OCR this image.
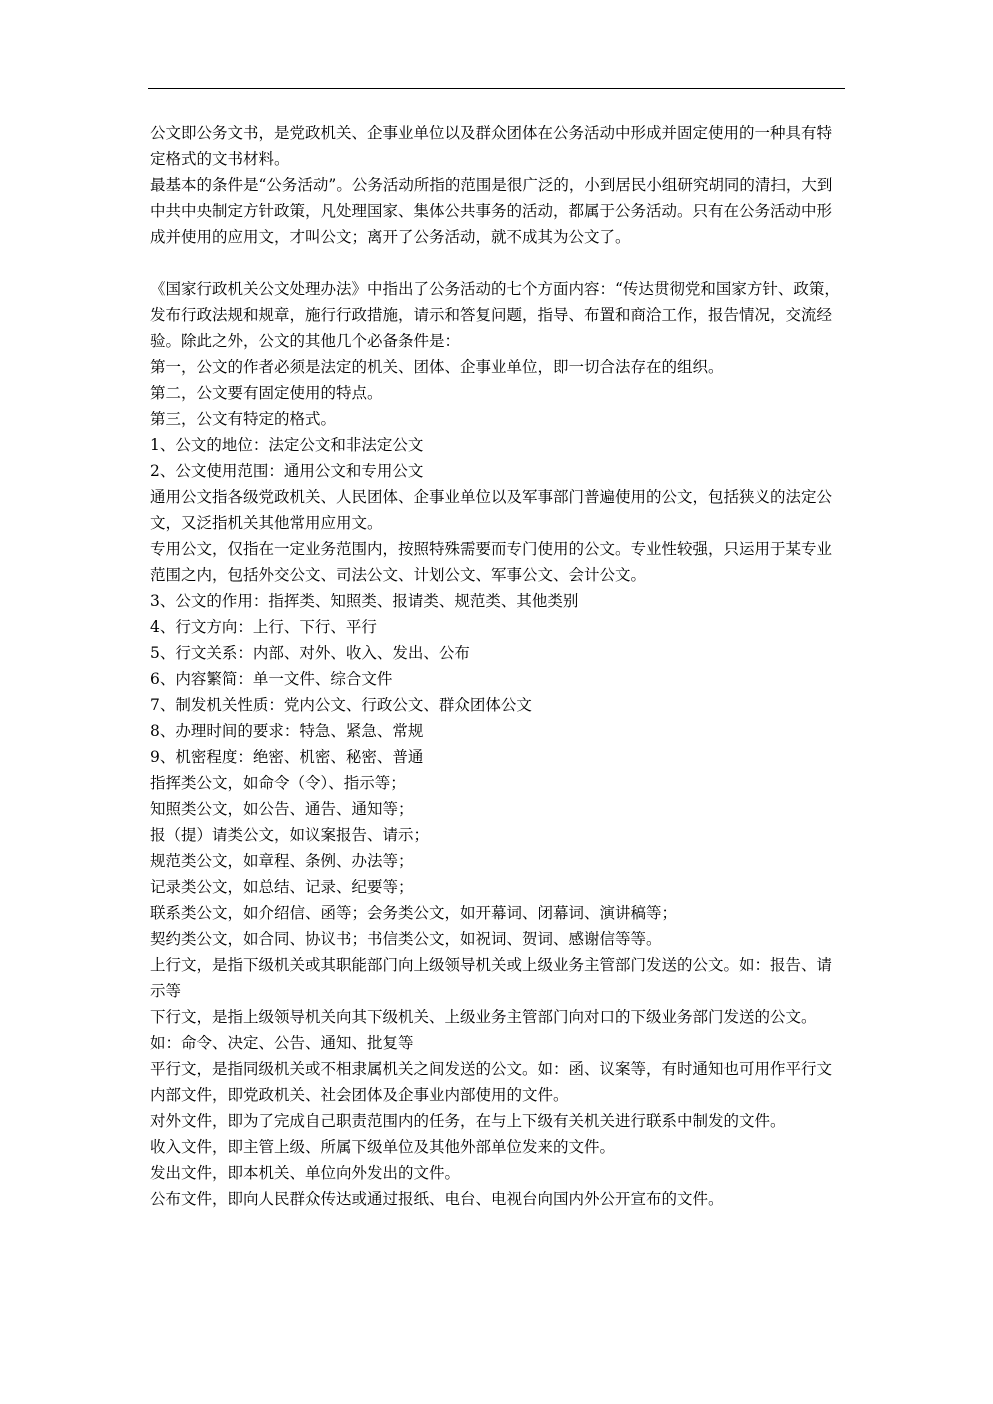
公文即公务文书，是党政机关、企事业单位以及群众团体在公务活动中形成并固定使用的一种具有特定格式的文书材料。

最基本的条件是“公务活动”。公务活动所指的范围是很广泛的，小到居民小组研究胡同的清扫，大到中共中央制定方针政策，凡处理国家、集体公共事务的活动，都属于公务活动。只有在公务活动中形成并使用的应用文，才叫公文；离开了公务活动，就不成其为公文了。

《国家行政机关公文处理办法》中指出了公务活动的七个方面内容：“传达贯彻党和国家方针、政策，发布行政法规和规章，施行行政措施，请示和答复问题，指导、布置和商洽工作，报告情况，交流经验。除此之外，公文的其他几个必备条件是：

第一，公文的作者必须是法定的机关、团体、企事业单位，即一切合法存在的组织。

第二，公文要有固定使用的特点。

第三，公文有特定的格式。

1、公文的地位：法定公文和非法定公文

2、公文使用范围：通用公文和专用公文

通用公文指各级党政机关、人民团体、企事业单位以及军事部门普遍使用的公文，包括狭义的法定公文，又泛指机关其他常用应用文。

专用公文，仅指在一定业务范围内，按照特殊需要而专门使用的公文。专业性较强，只运用于某专业范围之内，包括外交公文、司法公文、计划公文、军事公文、会计公文。

3、公文的作用：指挥类、知照类、报请类、规范类、其他类别

4、行文方向：上行、下行、平行

5、行文关系：内部、对外、收入、发出、公布

6、内容繁简：单一文件、综合文件

7、制发机关性质：党内公文、行政公文、群众团体公文

8、办理时间的要求：特急、紧急、常规

9、机密程度：绝密、机密、秘密、普通

指挥类公文，如命令（令）、指示等；

知照类公文，如公告、通告、通知等；

报（提）请类公文，如议案报告、请示；

规范类公文，如章程、条例、办法等；

记录类公文，如总结、记录、纪要等；

联系类公文，如介绍信、函等；会务类公文，如开幕词、闭幕词、演讲稿等；

契约类公文，如合同、协议书；书信类公文，如祝词、贺词、感谢信等等。

上行文，是指下级机关或其职能部门向上级领导机关或上级业务主管部门发送的公文。如：报告、请示等

下行文，是指上级领导机关向其下级机关、上级业务主管部门向对口的下级业务部门发送的公文。如：命令、决定、公告、通知、批复等

平行文，是指同级机关或不相隶属机关之间发送的公文。如：函、议案等，有时通知也可用作平行文

内部文件，即党政机关、社会团体及企事业内部使用的文件。

对外文件，即为了完成自己职责范围内的任务，在与上下级有关机关进行联系中制发的文件。

收入文件，即主管上级、所属下级单位及其他外部单位发来的文件。

发出文件，即本机关、单位向外发出的文件。

公布文件，即向人民群众传达或通过报纸、电台、电视台向国内外公开宣布的文件。
